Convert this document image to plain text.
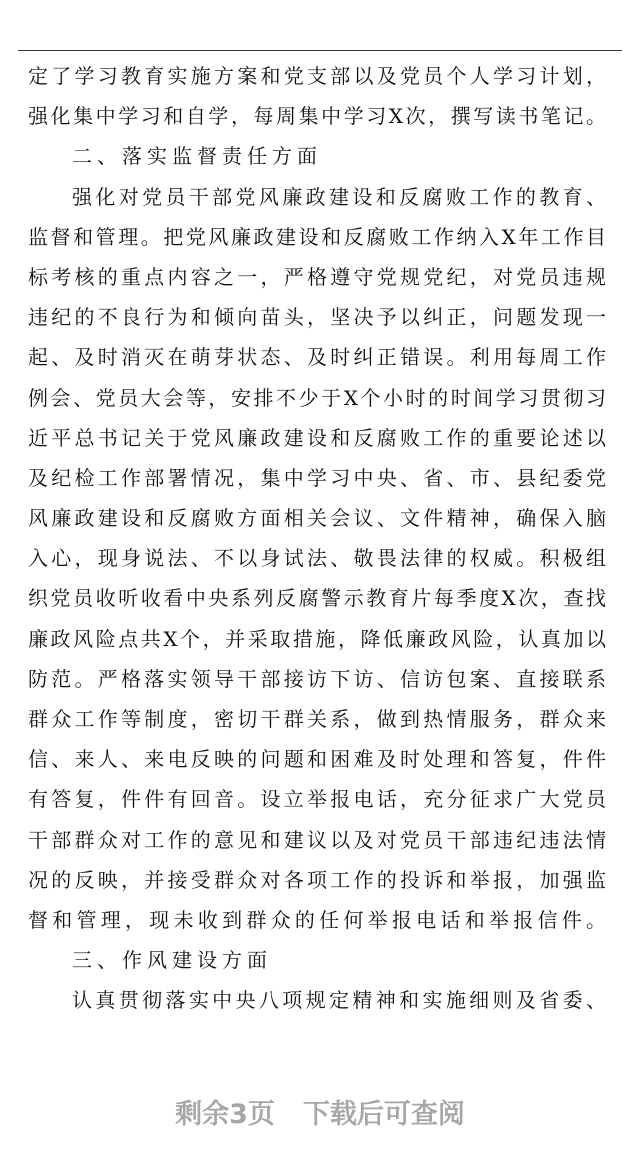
定了学习教育实施方案和党支部以及党员个人学习计划，
强化集中学习和自学，每周集中学习X次，撰写读书笔记。
二、落实监督责任方面
强化对党员干部党风廉政建设和反腐败工作的教育、
监督和管理。把党风廉政建设和反腐败工作纳入X年工作目
标考核的重点内容之一，严格遵守党规党纪，对党员违规
违纪的不良行为和倾向苗头，坚决予以纠正，问题发现一
起、及时消灭在萌芽状态、及时纠正错误。利用每周工作
例会、党员大会等，安排不少于X个小时的时间学习贯彻习
近平总书记关于党风廉政建设和反腐败工作的重要论述以
及纪检工作部署情况，集中学习中央、省、市、县纪委党
风廉政建设和反腐败方面相关会议、文件精神，确保入脑
入心，现身说法、不以身试法、敬畏法律的权威。积极组
织党员收听收看中央系列反腐警示教育片每季度X次，查找
廉政风险点共X个，并采取措施，降低廉政风险，认真加以
防范。严格落实领导干部接访下访、信访包案、直接联系
群众工作等制度，密切干群关系，做到热情服务，群众来
信、来人、来电反映的问题和困难及时处理和答复，件件
有答复，件件有回音。设立举报电话，充分征求广大党员
干部群众对工作的意见和建议以及对党员干部违纪违法情
况的反映，并接受群众对各项工作的投诉和举报，加强监
督和管理，现未收到群众的任何举报电话和举报信件。
三、作风建设方面
认真贯彻落实中央八项规定精神和实施细则及省委、
剩余3页 下载后可查阅
